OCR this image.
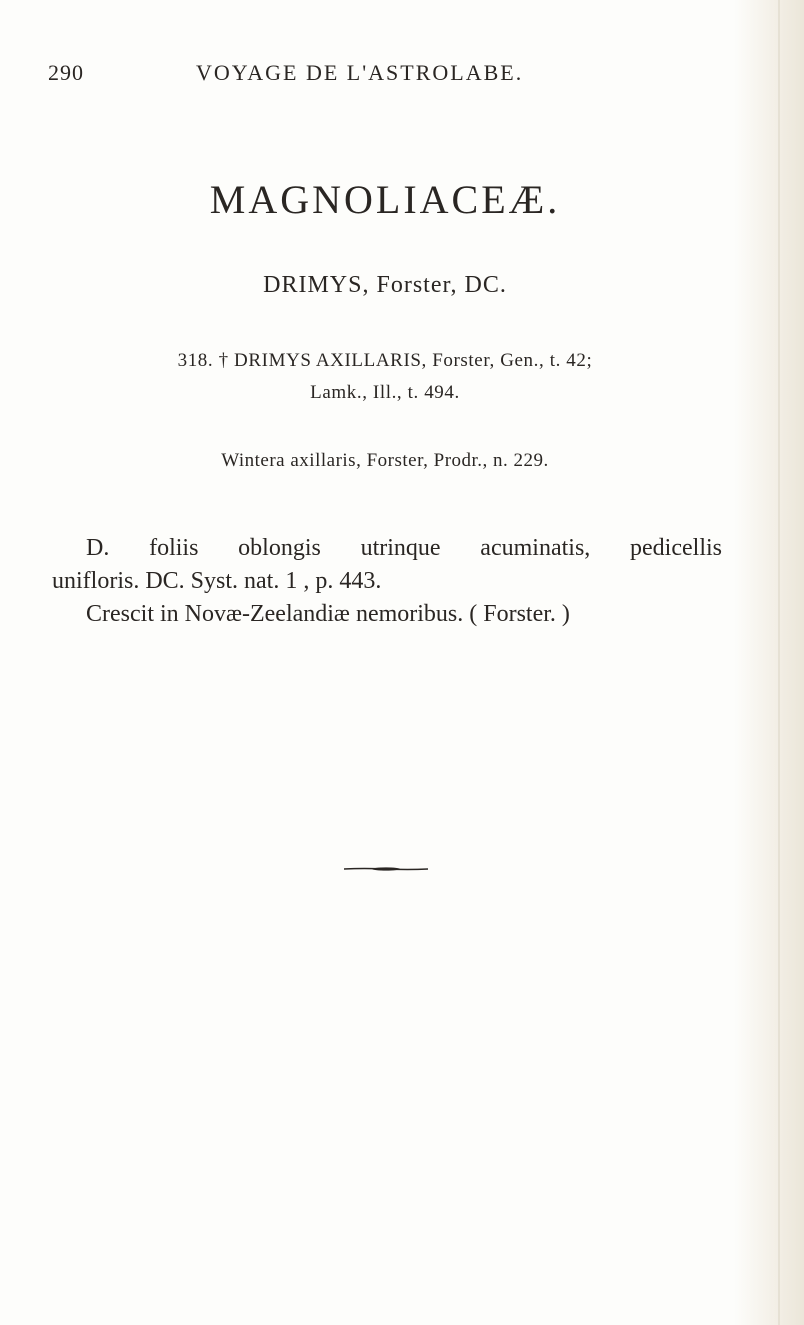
290	VOYAGE DE L'ASTROLABE.
MAGNOLIACEÆ.
DRIMYS, Forster, DC.
318. † DRIMYS AXILLARIS, Forster, Gen., t. 42;
Lamk., Ill., t. 494.
Wintera axillaris, Forster, Prodr., n. 229.

D. foliis oblongis utrinque acuminatis, pedicellis

unifloris. DC. Syst. nat. 1 , p. 443.

Crescit in Novæ-Zeelandiæ nemoribus. ( Forster. )
